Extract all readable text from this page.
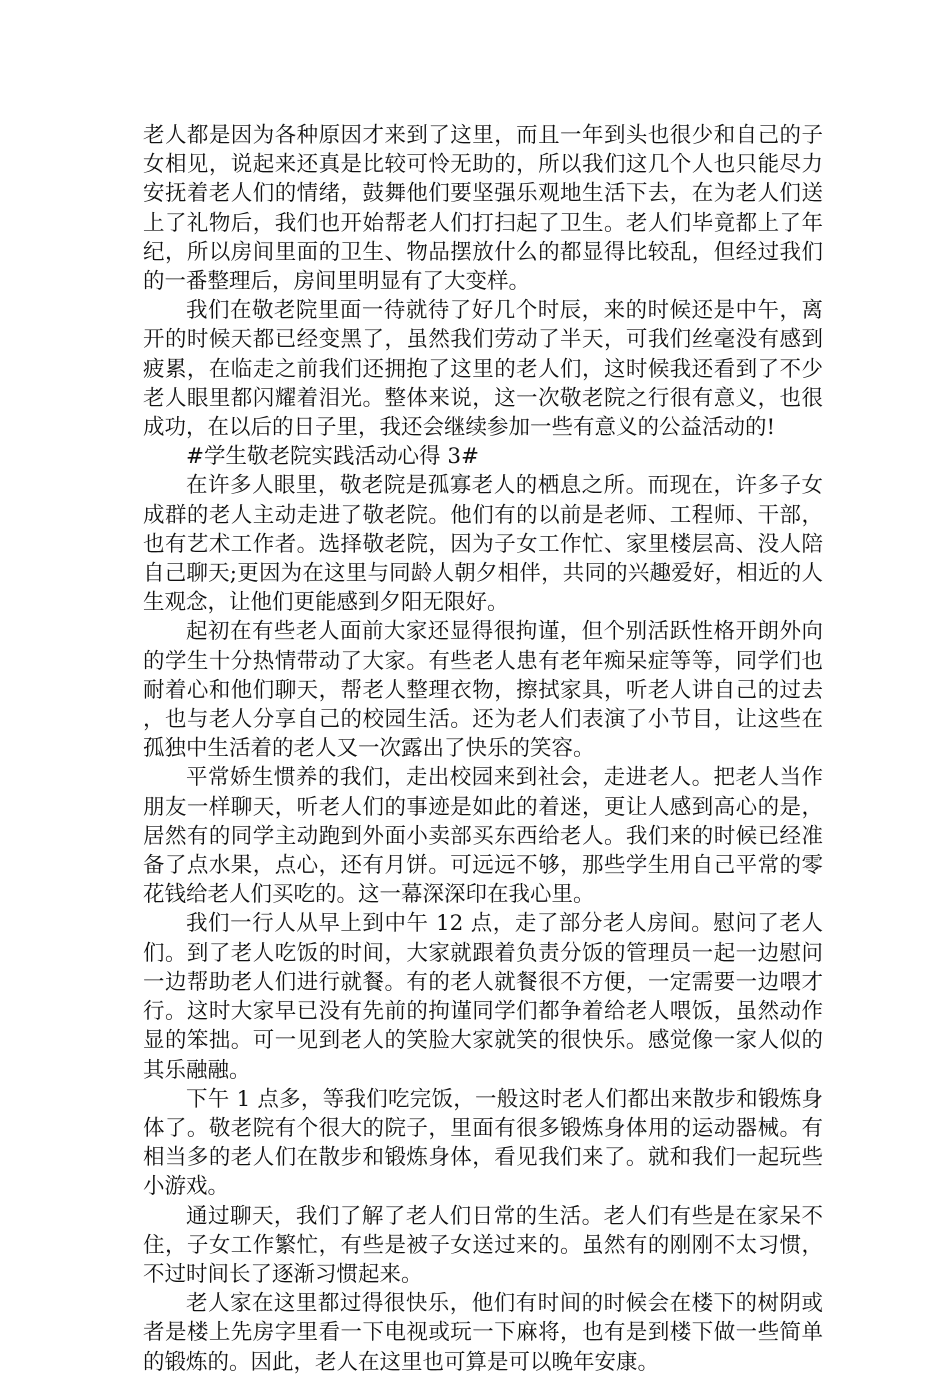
老人都是因为各种原因才来到了这里，而且一年到头也很少和自己的子女相见，说起来还真是比较可怜无助的，所以我们这几个人也只能尽力安抚着老人们的情绪，鼓舞他们要坚强乐观地生活下去，在为老人们送上了礼物后，我们也开始帮老人们打扫起了卫生。老人们毕竟都上了年纪，所以房间里面的卫生、物品摆放什么的都显得比较乱，但经过我们的一番整理后，房间里明显有了大变样。

我们在敬老院里面一待就待了好几个时辰，来的时候还是中午，离开的时候天都已经变黑了，虽然我们劳动了半天，可我们丝毫没有感到疲累，在临走之前我们还拥抱了这里的老人们，这时候我还看到了不少老人眼里都闪耀着泪光。整体来说，这一次敬老院之行很有意义，也很成功，在以后的日子里，我还会继续参加一些有意义的公益活动的!

#学生敬老院实践活动心得 3#

在许多人眼里，敬老院是孤寡老人的栖息之所。而现在，许多子女成群的老人主动走进了敬老院。他们有的以前是老师、工程师、干部，也有艺术工作者。选择敬老院，因为子女工作忙、家里楼层高、没人陪自己聊天;更因为在这里与同龄人朝夕相伴，共同的兴趣爱好，相近的人生观念，让他们更能感到夕阳无限好。

起初在有些老人面前大家还显得很拘谨，但个别活跃性格开朗外向的学生十分热情带动了大家。有些老人患有老年痴呆症等等，同学们也耐着心和他们聊天，帮老人整理衣物，擦拭家具，听老人讲自己的过去，也与老人分享自己的校园生活。还为老人们表演了小节目，让这些在孤独中生活着的老人又一次露出了快乐的笑容。

平常娇生惯养的我们，走出校园来到社会，走进老人。把老人当作朋友一样聊天，听老人们的事迹是如此的着迷，更让人感到高心的是，居然有的同学主动跑到外面小卖部买东西给老人。我们来的时候已经准备了点水果，点心，还有月饼。可远远不够，那些学生用自己平常的零花钱给老人们买吃的。这一幕深深印在我心里。

我们一行人从早上到中午 12 点，走了部分老人房间。慰问了老人们。到了老人吃饭的时间，大家就跟着负责分饭的管理员一起一边慰问一边帮助老人们进行就餐。有的老人就餐很不方便，一定需要一边喂才行。这时大家早已没有先前的拘谨同学们都争着给老人喂饭，虽然动作显的笨拙。可一见到老人的笑脸大家就笑的很快乐。感觉像一家人似的其乐融融。

下午 1 点多，等我们吃完饭，一般这时老人们都出来散步和锻炼身体了。敬老院有个很大的院子，里面有很多锻炼身体用的运动器械。有相当多的老人们在散步和锻炼身体，看见我们来了。就和我们一起玩些小游戏。

通过聊天，我们了解了老人们日常的生活。老人们有些是在家呆不住，子女工作繁忙，有些是被子女送过来的。虽然有的刚刚不太习惯，不过时间长了逐渐习惯起来。

老人家在这里都过得很快乐，他们有时间的时候会在楼下的树阴或者是楼上先房字里看一下电视或玩一下麻将，也有是到楼下做一些简单的锻炼的。因此，老人在这里也可算是可以晚年安康。
